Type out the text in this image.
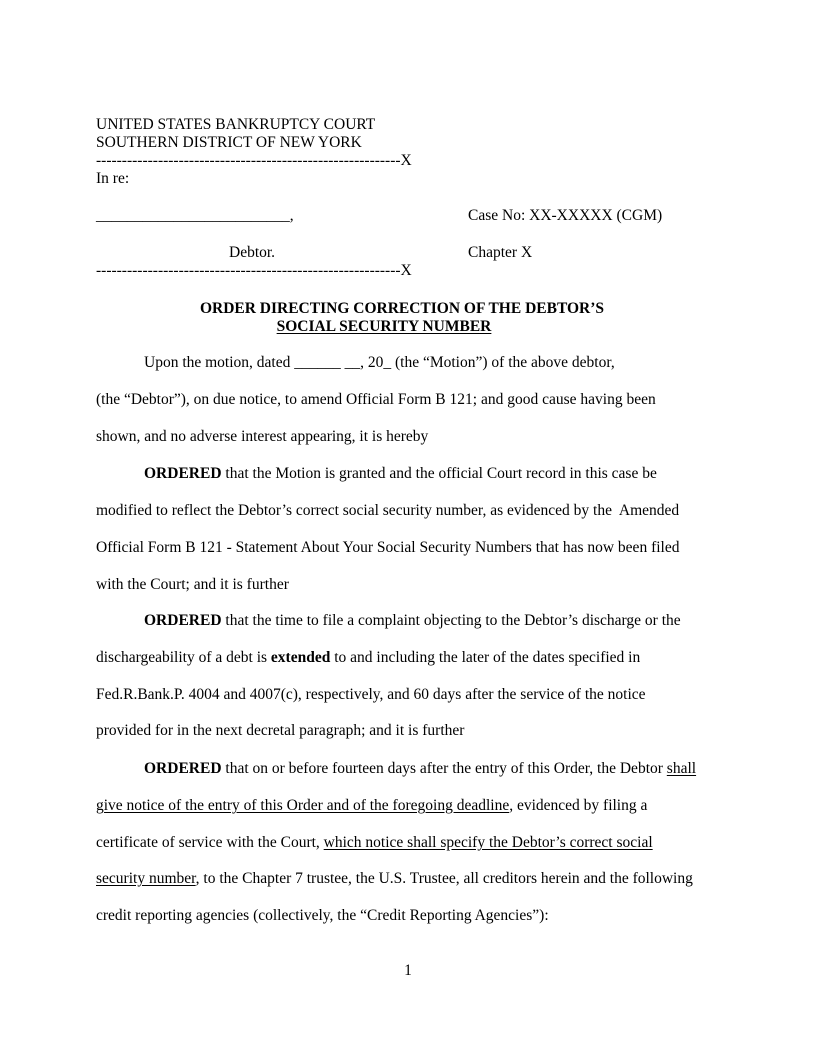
UNITED STATES BANKRUPTCY COURT
SOUTHERN DISTRICT OF NEW YORK
-----------------------------------------------------------X
In re:
_________________________,	Case No: XX-XXXXX (CGM)
Debtor.	Chapter X
-----------------------------------------------------------X
ORDER DIRECTING CORRECTION OF THE DEBTOR’S
SOCIAL SECURITY NUMBER
Upon the motion, dated ______ __, 20_ (the “Motion”) of the above debtor,
(the “Debtor”), on due notice, to amend Official Form B 121; and good cause having been
shown, and no adverse interest appearing, it is hereby
ORDERED that the Motion is granted and the official Court record in this case be
modified to reflect the Debtor’s correct social security number, as evidenced by the  Amended
Official Form B 121 - Statement About Your Social Security Numbers that has now been filed
with the Court; and it is further
ORDERED that the time to file a complaint objecting to the Debtor’s discharge or the
dischargeability of a debt is extended to and including the later of the dates specified in
Fed.R.Bank.P. 4004 and 4007(c), respectively, and 60 days after the service of the notice
provided for in the next decretal paragraph; and it is further
ORDERED that on or before fourteen days after the entry of this Order, the Debtor shall
give notice of the entry of this Order and of the foregoing deadline, evidenced by filing a
certificate of service with the Court, which notice shall specify the Debtor’s correct social
security number, to the Chapter 7 trustee, the U.S. Trustee, all creditors herein and the following
credit reporting agencies (collectively, the “Credit Reporting Agencies”):
1
